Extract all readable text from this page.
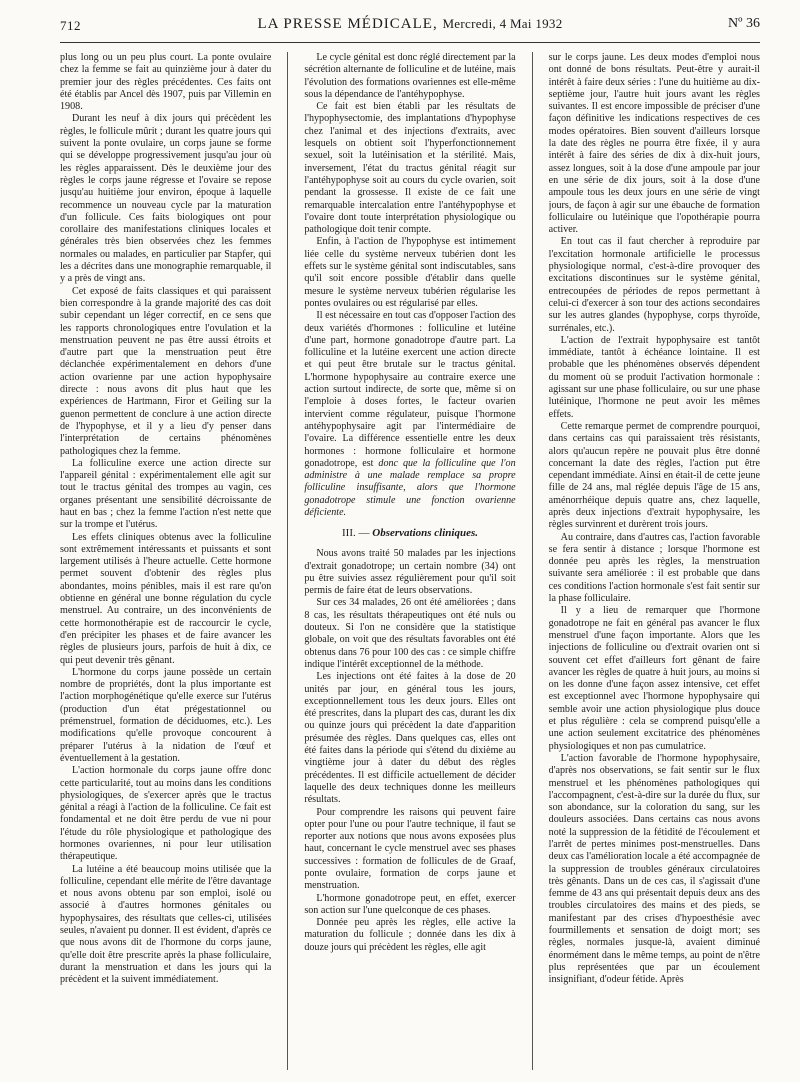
712	LA PRESSE MÉDICALE, Mercredi, 4 Mai 1932	Nº 36

plus long ou un peu plus court. La ponte ovulaire chez la femme se fait au quinzième jour à dater du premier jour des règles précédentes. Ces faits ont été établis par Ancel dès 1907, puis par Villemin en 1908.

Durant les neuf à dix jours qui précèdent les règles, le follicule mûrit ; durant les quatre jours qui suivent la ponte ovulaire, un corps jaune se forme qui se développe progressivement jusqu'au jour où les règles apparaissent. Dès le deuxième jour des règles le corps jaune régresse et l'ovaire se repose jusqu'au huitième jour environ, époque à laquelle recommence un nouveau cycle par la maturation d'un follicule. Ces faits biologiques ont pour corollaire des manifestations cliniques locales et générales très bien observées chez les femmes normales ou malades, en particulier par Stapfer, qui les a décrites dans une monographie remarquable, il y a près de vingt ans.

Cet exposé de faits classiques et qui paraissent bien correspondre à la grande majorité des cas doit subir cependant un léger correctif, en ce sens que les rapports chronologiques entre l'ovulation et la menstruation peuvent ne pas être aussi étroits et d'autre part que la menstruation peut être déclanchée expérimentalement en dehors d'une action ovarienne par une action hypophysaire directe : nous avons dit plus haut que les expériences de Hartmann, Firor et Geiling sur la guenon permettent de conclure à une action directe de l'hypophyse, et il y a lieu d'y penser dans l'interprétation de certains phénomènes pathologiques chez la femme.

La folliculine exerce une action directe sur l'appareil génital : expérimentalement elle agit sur tout le tractus génital des trompes au vagin, ces organes présentant une sensibilité décroissante de haut en bas ; chez la femme l'action n'est nette que sur la trompe et l'utérus.

Les effets cliniques obtenus avec la folliculine sont extrêmement intéressants et puissants et sont largement utilisés à l'heure actuelle. Cette hormone permet souvent d'obtenir des règles plus abondantes, moins pénibles, mais il est rare qu'on obtienne en général une bonne régulation du cycle menstruel. Au contraire, un des inconvénients de cette hormonothérapie est de raccourcir le cycle, d'en précipiter les phases et de faire avancer les règles de plusieurs jours, parfois de huit à dix, ce qui peut devenir très gênant.

L'hormone du corps jaune possède un certain nombre de propriétés, dont la plus importante est l'action morphogénétique qu'elle exerce sur l'utérus (production d'un état prégestationnel ou prémenstruel, formation de déciduomes, etc.). Les modifications qu'elle provoque concourent à préparer l'utérus à la nidation de l'œuf et éventuellement à la gestation.

L'action hormonale du corps jaune offre donc cette particularité, tout au moins dans les conditions physiologiques, de s'exercer après que le tractus génital a réagi à l'action de la folliculine. Ce fait est fondamental et ne doit être perdu de vue ni pour l'étude du rôle physiologique et pathologique des hormones ovariennes, ni pour leur utilisation thérapeutique.

La lutéine a été beaucoup moins utilisée que la folliculine, cependant elle mérite de l'être davantage et nous avons obtenu par son emploi, isolé ou associé à d'autres hormones génitales ou hypophysaires, des résultats que celles-ci, utilisées seules, n'avaient pu donner. Il est évident, d'après ce que nous avons dit de l'hormone du corps jaune, qu'elle doit être prescrite après la phase folliculaire, durant la menstruation et dans les jours qui la précèdent et la suivent immédiatement.

Le cycle génital est donc réglé directement par la sécrétion alternante de folliculine et de lutéine, mais l'évolution des formations ovariennes est elle-même sous la dépendance de l'antéhypophyse.

Ce fait est bien établi par les résultats de l'hypophysectomie, des implantations d'hypophyse chez l'animal et des injections d'extraits, avec lesquels on obtient soit l'hyperfonctionnement sexuel, soit la lutéinisation et la stérilité. Mais, inversement, l'état du tractus génital réagit sur l'antéhypophyse soit au cours du cycle ovarien, soit pendant la grossesse. Il existe de ce fait une remarquable intercalation entre l'antéhypophyse et l'ovaire dont toute interprétation physiologique ou pathologique doit tenir compte.

Enfin, à l'action de l'hypophyse est intimement liée celle du système nerveux tubérien dont les effets sur le système génital sont indiscutables, sans qu'il soit encore possible d'établir dans quelle mesure le système nerveux tubérien régularise les pontes ovulaires ou est régularisé par elles.

Il est nécessaire en tout cas d'opposer l'action des deux variétés d'hormones : folliculine et lutéine d'une part, hormone gonadotrope d'autre part. La folliculine et la lutéine exercent une action directe et qui peut être brutale sur le tractus génital. L'hormone hypophysaire au contraire exerce une action surtout indirecte, de sorte que, même si on l'emploie à doses fortes, le facteur ovarien intervient comme régulateur, puisque l'hormone antéhypophysaire agit par l'intermédiaire de l'ovaire. La différence essentielle entre les deux hormones : hormone folliculaire et hormone gonadotrope, est donc que la folliculine que l'on administre à une malade remplace sa propre folliculine insuffisante, alors que l'hormone gonadotrope stimule une fonction ovarienne déficiente.

III. — Observations cliniques.

Nous avons traité 50 malades par les injections d'extrait gonadotrope; un certain nombre (34) ont pu être suivies assez régulièrement pour qu'il soit permis de faire état de leurs observations.

Sur ces 34 malades, 26 ont été améliorées ; dans 8 cas, les résultats thérapeutiques ont été nuls ou douteux. Si l'on ne considère que la statistique globale, on voit que des résultats favorables ont été obtenus dans 76 pour 100 des cas : ce simple chiffre indique l'intérêt exceptionnel de la méthode.

Les injections ont été faites à la dose de 20 unités par jour, en général tous les jours, exceptionnellement tous les deux jours. Elles ont été prescrites, dans la plupart des cas, durant les dix ou quinze jours qui précèdent la date d'apparition présumée des règles. Dans quelques cas, elles ont été faites dans la période qui s'étend du dixième au vingtième jour à dater du début des règles précédentes. Il est difficile actuellement de décider laquelle des deux techniques donne les meilleurs résultats.

Pour comprendre les raisons qui peuvent faire opter pour l'une ou pour l'autre technique, il faut se reporter aux notions que nous avons exposées plus haut, concernant le cycle menstruel avec ses phases successives : formation de follicules de de Graaf, ponte ovulaire, formation de corps jaune et menstruation.

L'hormone gonadotrope peut, en effet, exercer son action sur l'une quelconque de ces phases.

Donnée peu après les règles, elle active la maturation du follicule ; donnée dans les dix à douze jours qui précèdent les règles, elle agit

sur le corps jaune. Les deux modes d'emploi nous ont donné de bons résultats. Peut-être y aurait-il intérêt à faire deux séries : l'une du huitième au dix-septième jour, l'autre huit jours avant les règles suivantes. Il est encore impossible de préciser d'une façon définitive les indications respectives de ces modes opératoires. Bien souvent d'ailleurs lorsque la date des règles ne pourra être fixée, il y aura intérêt à faire des séries de dix à dix-huit jours, assez longues, soit à la dose d'une ampoule par jour en une série de dix jours, soit à la dose d'une ampoule tous les deux jours en une série de vingt jours, de façon à agir sur une ébauche de formation folliculaire ou lutéinique que l'opothérapie pourra activer.

En tout cas il faut chercher à reproduire par l'excitation hormonale artificielle le processus physiologique normal, c'est-à-dire provoquer des excitations discontinues sur le système génital, entrecoupées de périodes de repos permettant à celui-ci d'exercer à son tour des actions secondaires sur les autres glandes (hypophyse, corps thyroïde, surrénales, etc.).

L'action de l'extrait hypophysaire est tantôt immédiate, tantôt à échéance lointaine. Il est probable que les phénomènes observés dépendent du moment où se produit l'activation hormonale : agissant sur une phase folliculaire, ou sur une phase lutéinique, l'hormone ne peut avoir les mêmes effets.

Cette remarque permet de comprendre pourquoi, dans certains cas qui paraissaient très résistants, alors qu'aucun repère ne pouvait plus être donné concernant la date des règles, l'action put être cependant immédiate. Ainsi en était-il de cette jeune fille de 24 ans, mal réglée depuis l'âge de 15 ans, aménorrhéique depuis quatre ans, chez laquelle, après deux injections d'extrait hypophysaire, les règles survinrent et durèrent trois jours.

Au contraire, dans d'autres cas, l'action favorable se fera sentir à distance ; lorsque l'hormone est donnée peu après les règles, la menstruation suivante sera améliorée : il est probable que dans ces conditions l'action hormonale s'est fait sentir sur la phase folliculaire.

Il y a lieu de remarquer que l'hormone gonadotrope ne fait en général pas avancer le flux menstruel d'une façon importante. Alors que les injections de folliculine ou d'extrait ovarien ont si souvent cet effet d'ailleurs fort gênant de faire avancer les règles de quatre à huit jours, au moins si on les donne d'une façon assez intensive, cet effet est exceptionnel avec l'hormone hypophysaire qui semble avoir une action physiologique plus douce et plus régulière : cela se comprend puisqu'elle a une action seulement excitatrice des phénomènes physiologiques et non pas cumulatrice.

L'action favorable de l'hormone hypophysaire, d'après nos observations, se fait sentir sur le flux menstruel et les phénomènes pathologiques qui l'accompagnent, c'est-à-dire sur la durée du flux, sur son abondance, sur la coloration du sang, sur les douleurs associées. Dans certains cas nous avons noté la suppression de la fétidité de l'écoulement et l'arrêt de pertes minimes post-menstruelles. Dans deux cas l'amélioration locale a été accompagnée de la suppression de troubles généraux circulatoires très gênants. Dans un de ces cas, il s'agissait d'une femme de 43 ans qui présentait depuis deux ans des troubles circulatoires des mains et des pieds, se manifestant par des crises d'hypoesthésie avec fourmillements et sensation de doigt mort; ses règles, normales jusque-là, avaient diminué énormément dans le même temps, au point de n'être plus représentées que par un écoulement insignifiant, d'odeur fétide. Après
